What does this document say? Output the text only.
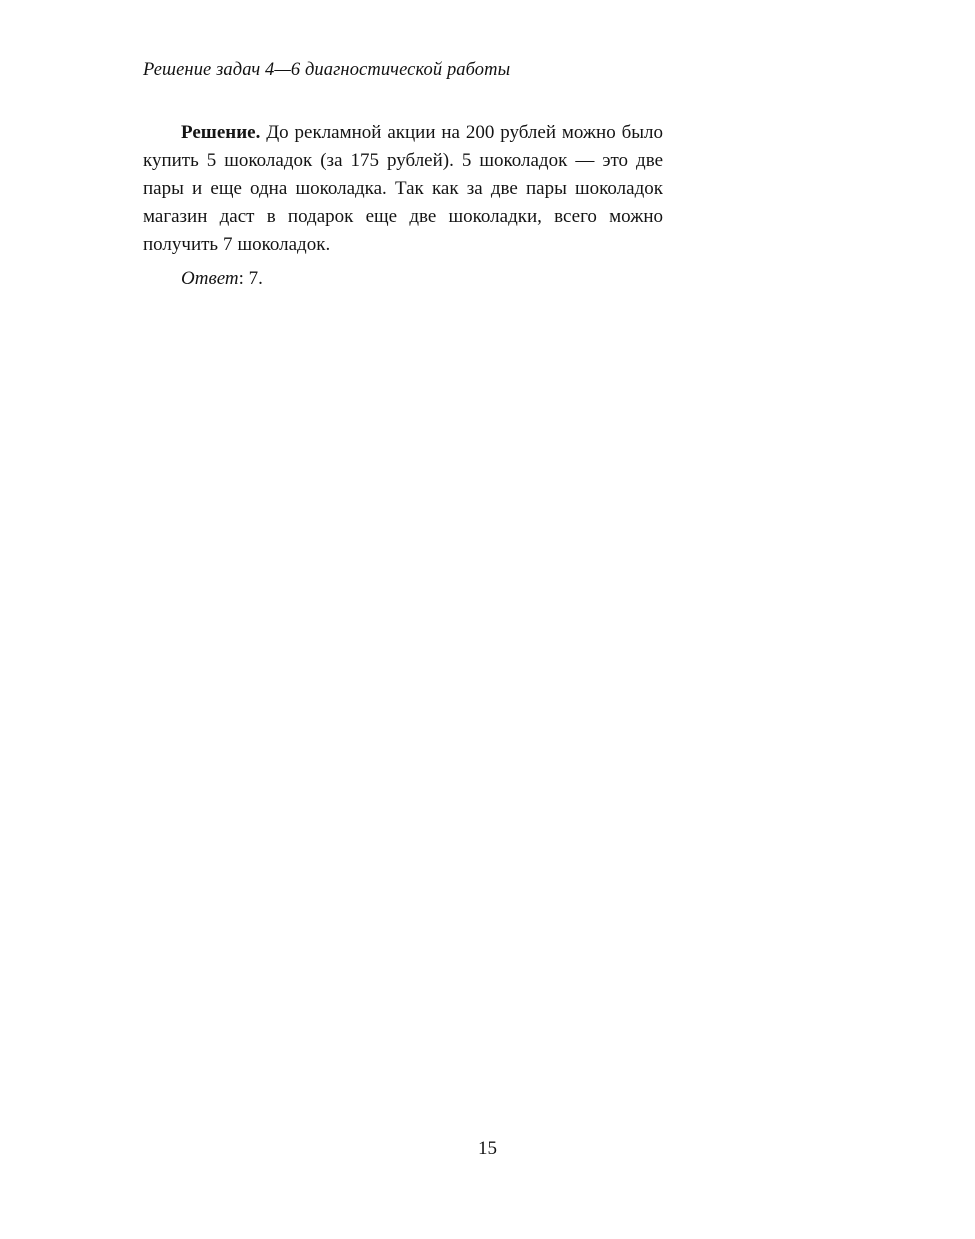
Решение задач 4—6 диагностической работы

Решение. До рекламной акции на 200 рублей можно было купить 5 шоколадок (за 175 рублей). 5 шоколадок — это две пары и еще одна шоколадка. Так как за две пары шоколадок магазин даст в подарок еще две шоколадки, всего можно получить 7 шоколадок.

Ответ: 7.

15
